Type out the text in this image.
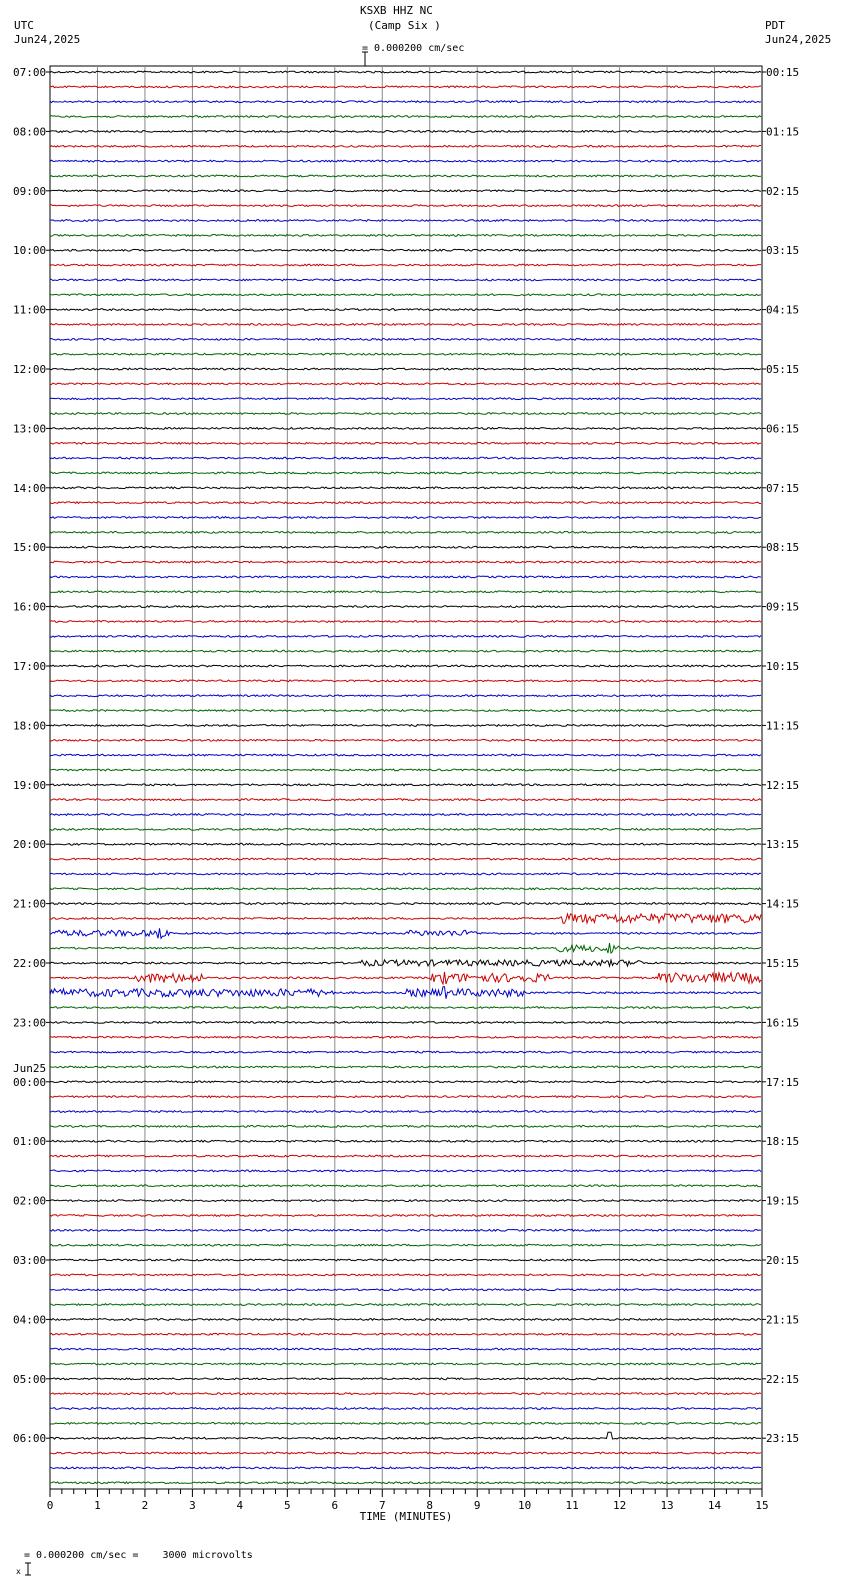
KSXB HHZ NC
(Camp Six )

= 0.000200 cm/sec
UTC
Jun24,2025
PDT
Jun24,2025
07:00	00:15
08:00	01:15
09:00	02:15
10:00	03:15
11:00	04:15
12:00	05:15
13:00	06:15
14:00	07:15
15:00	08:15
16:00	09:15
17:00	10:15
18:00	11:15
19:00	12:15
20:00	13:15
21:00	14:15
22:00	15:15
23:00	16:15
00:00	17:15
01:00	18:15
02:00	19:15
03:00	20:15
04:00	21:15
05:00	22:15
06:00	23:15
Jun25
0	1	2	3	4	5	6	7	8	9	10	11	12	13	14	15
TIME (MINUTES)

x

= 0.000200 cm/sec =    3000 microvolts
